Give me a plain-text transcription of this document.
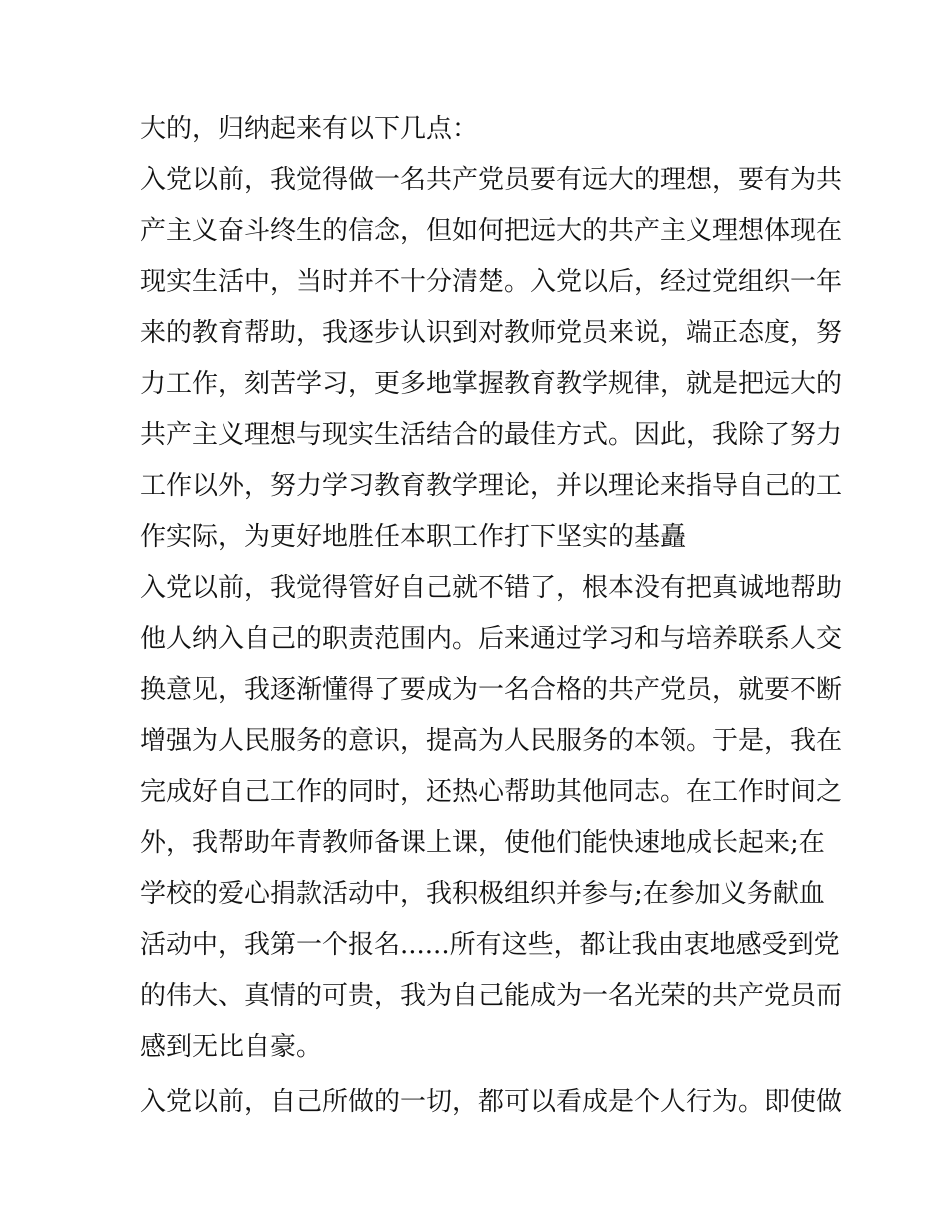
大的，归纳起来有以下几点：
入党以前，我觉得做一名共产党员要有远大的理想，要有为共
产主义奋斗终生的信念，但如何把远大的共产主义理想体现在
现实生活中，当时并不十分清楚。入党以后，经过党组织一年
来的教育帮助，我逐步认识到对教师党员来说，端正态度，努
力工作，刻苦学习，更多地掌握教育教学规律，就是把远大的
共产主义理想与现实生活结合的最佳方式。因此，我除了努力
工作以外，努力学习教育教学理论，并以理论来指导自己的工
作实际，为更好地胜任本职工作打下坚实的基矗
入党以前，我觉得管好自己就不错了，根本没有把真诚地帮助
他人纳入自己的职责范围内。后来通过学习和与培养联系人交
换意见，我逐渐懂得了要成为一名合格的共产党员，就要不断
增强为人民服务的意识，提高为人民服务的本领。于是，我在
完成好自己工作的同时，还热心帮助其他同志。在工作时间之
外，我帮助年青教师备课上课，使他们能快速地成长起来;在
学校的爱心捐款活动中，我积极组织并参与;在参加义务献血
活动中，我第一个报名......所有这些，都让我由衷地感受到党
的伟大、真情的可贵，我为自己能成为一名光荣的共产党员而
感到无比自豪。
入党以前，自己所做的一切，都可以看成是个人行为。即使做
